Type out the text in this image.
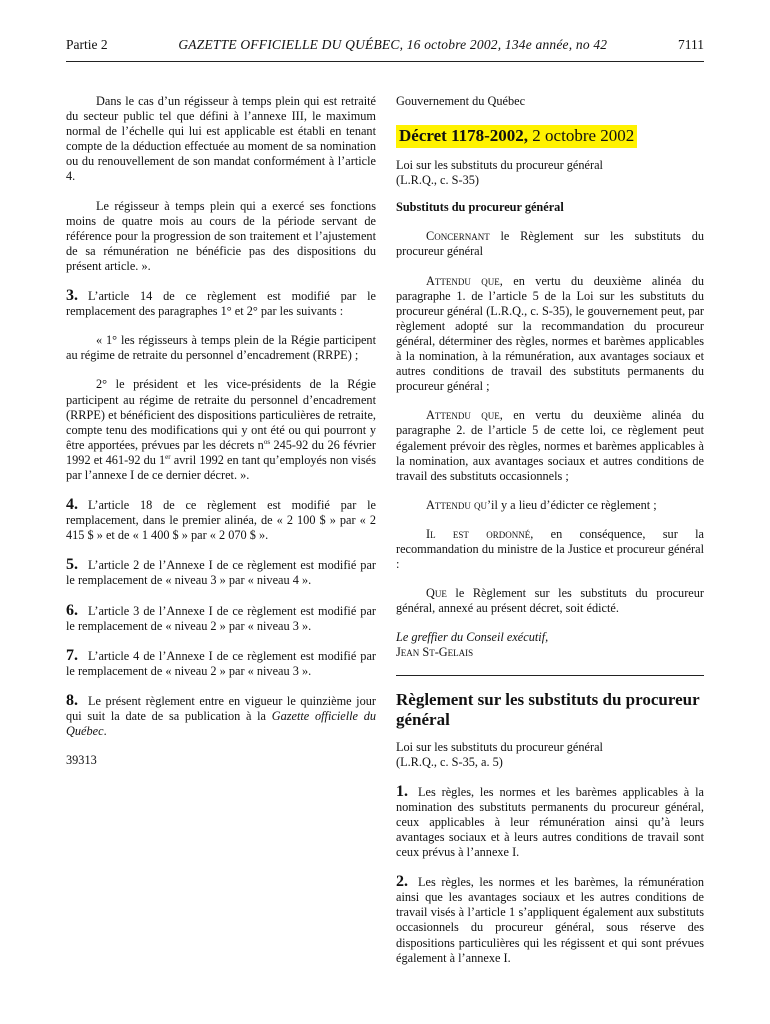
Partie 2	GAZETTE OFFICIELLE DU QUÉBEC, 16 octobre 2002, 134e année, no 42	7111

Dans le cas d’un régisseur à temps plein qui est retraité du secteur public tel que défini à l’annexe III, le maximum normal de l’échelle qui lui est applicable est établi en tenant compte de la déduction effectuée au moment de sa nomination ou du renouvellement de son mandat conformément à l’article 4.

Le régisseur à temps plein qui a exercé ses fonctions moins de quatre mois au cours de la période servant de référence pour la progression de son traitement et l’ajustement de sa rémunération ne bénéficie pas des dispositions du présent article. ».

3. L’article 14 de ce règlement est modifié par le remplacement des paragraphes 1° et 2° par les suivants :

« 1° les régisseurs à temps plein de la Régie participent au régime de retraite du personnel d’encadrement (RRPE) ;

2° le président et les vice-présidents de la Régie participent au régime de retraite du personnel d’encadrement (RRPE) et bénéficient des dispositions particulières de retraite, compte tenu des modifications qui y ont été ou qui pourront y être apportées, prévues par les décrets $n^{os}$ 245-92 du 26 février 1992 et 461-92 du 1er avril 1992 en tant qu’employés non visés par l’annexe I de ce dernier décret. ».

4. L’article 18 de ce règlement est modifié par le remplacement, dans le premier alinéa, de « 2 100 $ » par « 2 415 $ » et de « 1 400 $ » par « 2 070 $ ».

5. L’article 2 de l’Annexe I de ce règlement est modifié par le remplacement de « niveau 3 » par « niveau 4 ».

6. L’article 3 de l’Annexe I de ce règlement est modifié par le remplacement de « niveau 2 » par « niveau 3 ».

7. L’article 4 de l’Annexe I de ce règlement est modifié par le remplacement de « niveau 2 » par « niveau 3 ».

8. Le présent règlement entre en vigueur le quinzième jour qui suit la date de sa publication à la Gazette officielle du Québec.

39313

Gouvernement du Québec
Décret 1178-2002, 2 octobre 2002
Loi sur les substituts du procureur général
(L.R.Q., c. S-35)
Substituts du procureur général

Concernant le Règlement sur les substituts du procureur général

Attendu que, en vertu du deuxième alinéa du paragraphe 1. de l’article 5 de la Loi sur les substituts du procureur général (L.R.Q., c. S-35), le gouvernement peut, par règlement adopté sur la recommandation du procureur général, déterminer des règles, normes et barèmes applicables à la nomination, à la rémunération, aux avantages sociaux et autres conditions de travail des substituts permanents du procureur général ;

Attendu que, en vertu du deuxième alinéa du paragraphe 2. de l’article 5 de cette loi, ce règlement peut également prévoir des règles, normes et barèmes applicables à la nomination, aux avantages sociaux et autres conditions de travail des substituts occasionnels ;

Attendu qu’il y a lieu d’édicter ce règlement ;

Il est ordonné, en conséquence, sur la recommandation du ministre de la Justice et procureur général :

Que le Règlement sur les substituts du procureur général, annexé au présent décret, soit édicté.

Le greffier du Conseil exécutif,
Jean St-Gelais
Règlement sur les substituts du procureur général
Loi sur les substituts du procureur général
(L.R.Q., c. S-35, a. 5)

1. Les règles, les normes et les barèmes applicables à la nomination des substituts permanents du procureur général, ceux applicables à leur rémunération ainsi qu’à leurs avantages sociaux et à leurs autres conditions de travail sont ceux prévus à l’annexe I.

2. Les règles, les normes et les barèmes, la rémunération ainsi que les avantages sociaux et les autres conditions de travail visés à l’article 1 s’appliquent également aux substituts occasionnels du procureur général, sous réserve des dispositions particulières qui les régissent et qui sont prévues également à l’annexe I.
